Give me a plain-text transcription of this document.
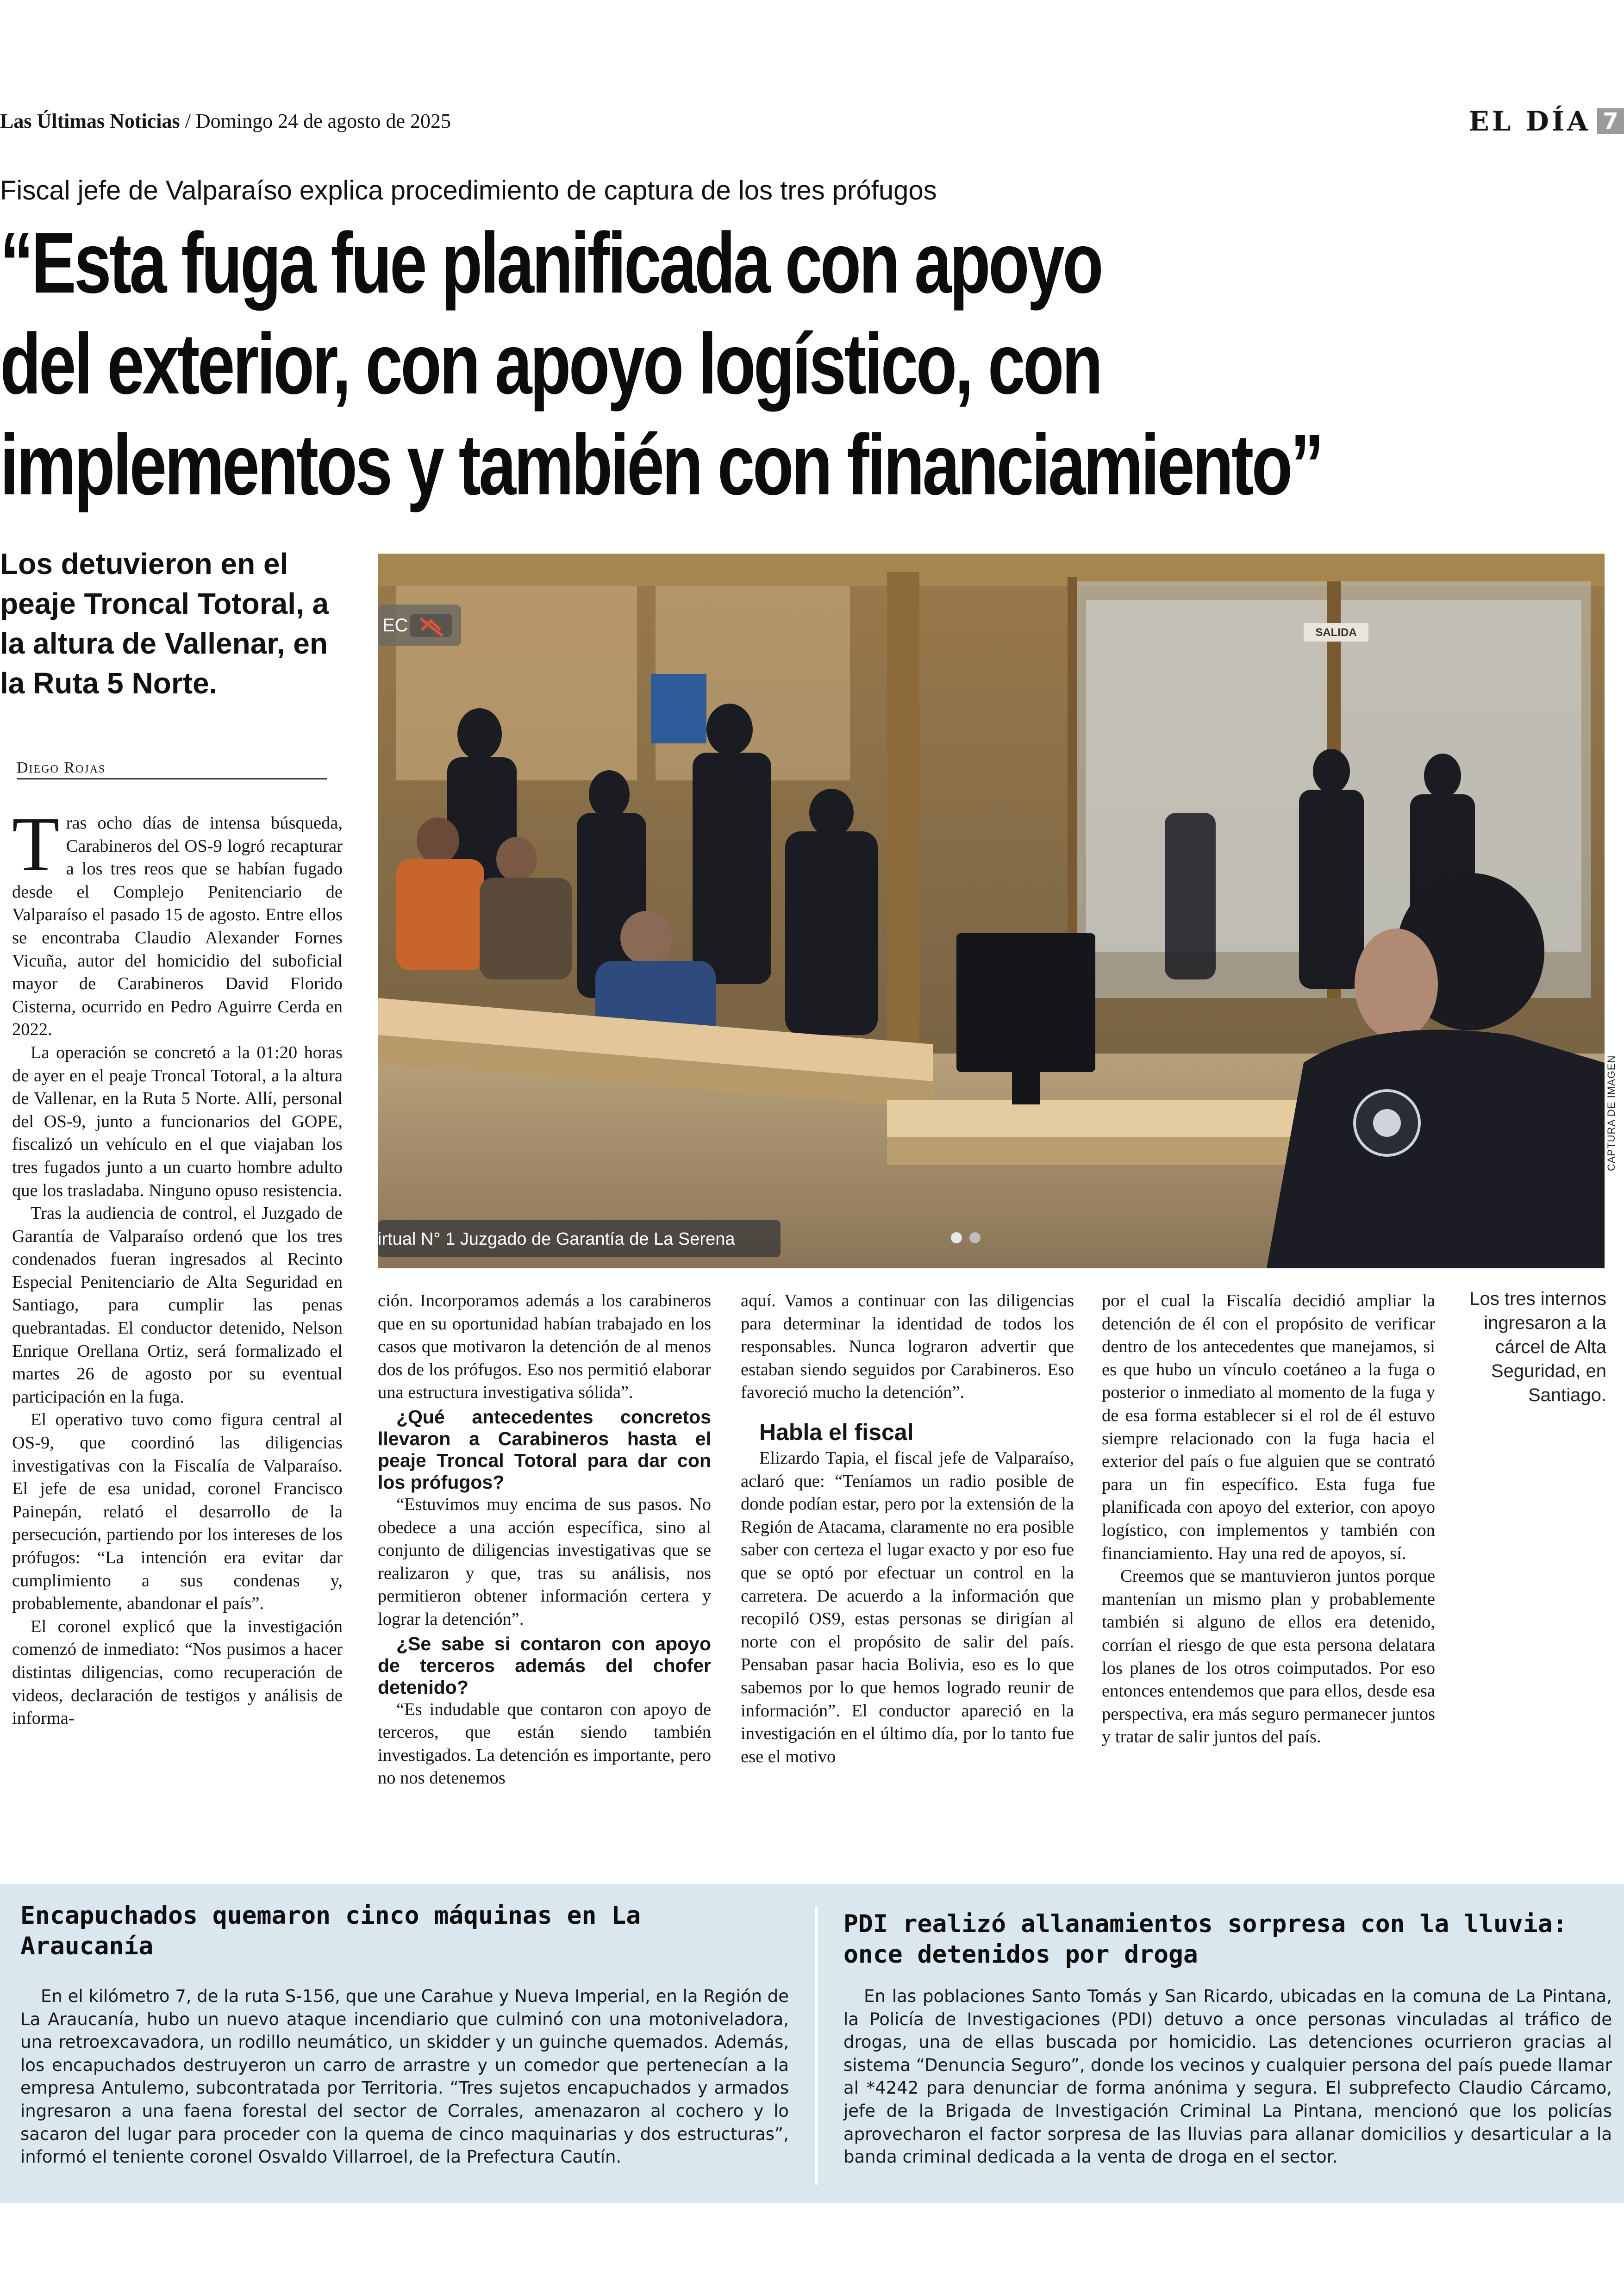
Las Últimas Noticias / Domingo 24 de agosto de 2025	EL DÍA 7
Fiscal jefe de Valparaíso explica procedimiento de captura de los tres prófugos
“Esta fuga fue planificada con apoyo
del exterior, con apoyo logístico, con
implementos y también con financiamiento”
Los detuvieron en el peaje Troncal Totoral, a la altura de Vallenar, en la Ruta 5 Norte.
Diego Rojas

Tras ocho días de intensa búsqueda, Carabineros del OS-9 logró recapturar a los tres reos que se habían fugado desde el Complejo Penitenciario de Valparaíso el pasado 15 de agosto. Entre ellos se encontraba Claudio Alexander Fornes Vicuña, autor del homicidio del suboficial mayor de Carabineros David Florido Cisterna, ocurrido en Pedro Aguirre Cerda en 2022.

La operación se concretó a la 01:20 horas de ayer en el peaje Troncal Totoral, a la altura de Vallenar, en la Ruta 5 Norte. Allí, personal del OS-9, junto a funcionarios del GOPE, fiscalizó un vehículo en el que viajaban los tres fugados junto a un cuarto hombre adulto que los trasladaba. Ninguno opuso resistencia.

Tras la audiencia de control, el Juzgado de Garantía de Valparaíso ordenó que los tres condenados fueran ingresados al Recinto Especial Penitenciario de Alta Seguridad en Santiago, para cumplir las penas quebrantadas. El conductor detenido, Nelson Enrique Orellana Ortiz, será formalizado el martes 26 de agosto por su eventual participación en la fuga.

El operativo tuvo como figura central al OS-9, que coordinó las diligencias investigativas con la Fiscalía de Valparaíso. El jefe de esa unidad, coronel Francisco Painepán, relató el desarrollo de la persecución, partiendo por los intereses de los prófugos: “La intención era evitar dar cumplimiento a sus condenas y, probablemente, abandonar el país”.

El coronel explicó que la investigación comenzó de inmediato: “Nos pusimos a hacer distintas diligencias, como recuperación de videos, declaración de testigos y análisis de informa-

SALIDA
EC
irtual N° 1 Juzgado de Garantía de La Serena
CAPTURA DE IMAGEN
Los tres internos ingresaron a la cárcel de Alta Seguridad, en Santiago.

ción. Incorporamos además a los carabineros que en su oportunidad habían trabajado en los casos que motivaron la detención de al menos dos de los prófugos. Eso nos permitió elaborar una estructura investigativa sólida”.

¿Qué antecedentes concretos llevaron a Carabineros hasta el peaje Troncal Totoral para dar con los prófugos?

“Estuvimos muy encima de sus pasos. No obedece a una acción específica, sino al conjunto de diligencias investigativas que se realizaron y que, tras su análisis, nos permitieron obtener información certera y lograr la detención”.

¿Se sabe si contaron con apoyo de terceros además del chofer detenido?

“Es indudable que contaron con apoyo de terceros, que están siendo también investigados. La detención es importante, pero no nos detenemos

aquí. Vamos a continuar con las diligencias para determinar la identidad de todos los responsables. Nunca lograron advertir que estaban siendo seguidos por Carabineros. Eso favoreció mucho la detención”.

Habla el fiscal

Elizardo Tapia, el fiscal jefe de Valparaíso, aclaró que: “Teníamos un radio posible de donde podían estar, pero por la extensión de la Región de Atacama, claramente no era posible saber con certeza el lugar exacto y por eso fue que se optó por efectuar un control en la carretera. De acuerdo a la información que recopiló OS9, estas personas se dirigían al norte con el propósito de salir del país. Pensaban pasar hacia Bolivia, eso es lo que sabemos por lo que hemos logrado reunir de información”. El conductor apareció en la investigación en el último día, por lo tanto fue ese el motivo

por el cual la Fiscalía decidió ampliar la detención de él con el propósito de verificar dentro de los antecedentes que manejamos, si es que hubo un vínculo coetáneo a la fuga o posterior o inmediato al momento de la fuga y de esa forma establecer si el rol de él estuvo siempre relacionado con la fuga hacia el exterior del país o fue alguien que se contrató para un fin específico. Esta fuga fue planificada con apoyo del exterior, con apoyo logístico, con implementos y también con financiamiento. Hay una red de apoyos, sí.

Creemos que se mantuvieron juntos porque mantenían un mismo plan y probablemente también si alguno de ellos era detenido, corrían el riesgo de que esta persona delatara los planes de los otros coimputados. Por eso entonces entendemos que para ellos, desde esa perspectiva, era más seguro permanecer juntos y tratar de salir juntos del país.

Encapuchados quemaron cinco máquinas en La Araucanía

En el kilómetro 7, de la ruta S-156, que une Carahue y Nueva Imperial, en la Región de La Araucanía, hubo un nuevo ataque incendiario que culminó con una motoniveladora, una retroexcavadora, un rodillo neumático, un skidder y un guinche quemados. Además, los encapuchados destruyeron un carro de arrastre y un comedor que pertenecían a la empresa Antulemo, subcontratada por Territoria. “Tres sujetos encapuchados y armados ingresaron a una faena forestal del sector de Corrales, amenazaron al cochero y lo sacaron del lugar para proceder con la quema de cinco maquinarias y dos estructuras”, informó el teniente coronel Osvaldo Villarroel, de la Prefectura Cautín.

PDI realizó allanamientos sorpresa con la lluvia: once detenidos por droga

En las poblaciones Santo Tomás y San Ricardo, ubicadas en la comuna de La Pintana, la Policía de Investigaciones (PDI) detuvo a once personas vinculadas al tráfico de drogas, una de ellas buscada por homicidio. Las detenciones ocurrieron gracias al sistema “Denuncia Seguro”, donde los vecinos y cualquier persona del país puede llamar al *4242 para denunciar de forma anónima y segura. El subprefecto Claudio Cárcamo, jefe de la Brigada de Investigación Criminal La Pintana, mencionó que los policías aprovecharon el factor sorpresa de las lluvias para allanar domicilios y desarticular a la banda criminal dedicada a la venta de droga en el sector.
